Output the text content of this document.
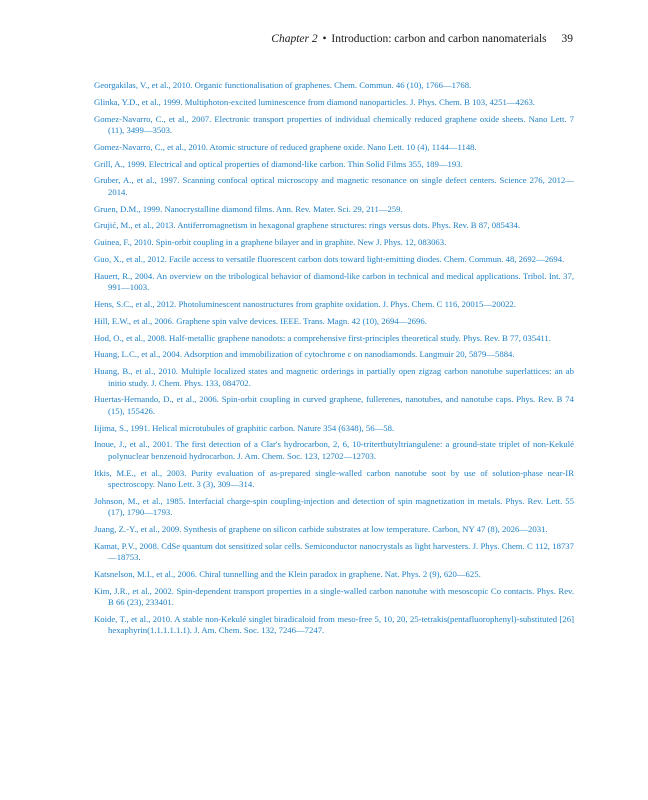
Chapter 2 • Introduction: carbon and carbon nanomaterials 39
Georgakilas, V., et al., 2010. Organic functionalisation of graphenes. Chem. Commun. 46 (10), 1766—1768.
Glinka, Y.D., et al., 1999. Multiphoton-excited luminescence from diamond nanoparticles. J. Phys. Chem. B 103, 4251—4263.
Gomez-Navarro, C., et al., 2007. Electronic transport properties of individual chemically reduced graphene oxide sheets. Nano Lett. 7 (11), 3499—3503.
Gomez-Navarro, C., et al., 2010. Atomic structure of reduced graphene oxide. Nano Lett. 10 (4), 1144—1148.
Grill, A., 1999. Electrical and optical properties of diamond-like carbon. Thin Solid Films 355, 189—193.
Gruber, A., et al., 1997. Scanning confocal optical microscopy and magnetic resonance on single defect centers. Science 276, 2012—2014.
Gruen, D.M., 1999. Nanocrystalline diamond films. Ann. Rev. Mater. Sci. 29, 211—259.
Grujić, M., et al., 2013. Antiferromagnetism in hexagonal graphene structures: rings versus dots. Phys. Rev. B 87, 085434.
Guinea, F., 2010. Spin-orbit coupling in a graphene bilayer and in graphite. New J. Phys. 12, 083063.
Guo, X., et al., 2012. Facile access to versatile fluorescent carbon dots toward light-emitting diodes. Chem. Commun. 48, 2692—2694.
Hauert, R., 2004. An overview on the tribological behavior of diamond-like carbon in technical and medical applications. Tribol. Int. 37, 991—1003.
Hens, S.C., et al., 2012. Photoluminescent nanostructures from graphite oxidation. J. Phys. Chem. C 116, 20015—20022.
Hill, E.W., et al., 2006. Graphene spin valve devices. IEEE. Trans. Magn. 42 (10), 2694—2696.
Hod, O., et al., 2008. Half-metallic graphene nanodots: a comprehensive first-principles theoretical study. Phys. Rev. B 77, 035411.
Huang, L.C., et al., 2004. Adsorption and immobilization of cytochrome c on nanodiamonds. Langmuir 20, 5879—5884.
Huang, B., et al., 2010. Multiple localized states and magnetic orderings in partially open zigzag carbon nanotube superlattices: an ab initio study. J. Chem. Phys. 133, 084702.
Huertas-Hernando, D., et al., 2006. Spin-orbit coupling in curved graphene, fullerenes, nanotubes, and nanotube caps. Phys. Rev. B 74 (15), 155426.
Iijima, S., 1991. Helical microtubules of graphitic carbon. Nature 354 (6348), 56—58.
Inoue, J., et al., 2001. The first detection of a Clar's hydrocarbon, 2, 6, 10-tritertbutyltriangulene: a ground-state triplet of non-Kekulé polynuclear benzenoid hydrocarbon. J. Am. Chem. Soc. 123, 12702—12703.
Itkis, M.E., et al., 2003. Purity evaluation of as-prepared single-walled carbon nanotube soot by use of solution-phase near-IR spectroscopy. Nano Lett. 3 (3), 309—314.
Johnson, M., et al., 1985. Interfacial charge-spin coupling-injection and detection of spin magnetization in metals. Phys. Rev. Lett. 55 (17), 1790—1793.
Juang, Z.-Y., et al., 2009. Synthesis of graphene on silicon carbide substrates at low temperature. Carbon, NY 47 (8), 2026—2031.
Kamat, P.V., 2008. CdSe quantum dot sensitized solar cells. Semiconductor nanocrystals as light harvesters. J. Phys. Chem. C 112, 18737—18753.
Katsnelson, M.I., et al., 2006. Chiral tunnelling and the Klein paradox in graphene. Nat. Phys. 2 (9), 620—625.
Kim, J.R., et al., 2002. Spin-dependent transport properties in a single-walled carbon nanotube with mesoscopic Co contacts. Phys. Rev. B 66 (23), 233401.
Koide, T., et al., 2010. A stable non-Kekulé singlet biradicaloid from meso-free 5, 10, 20, 25-tetrakis(pentafluorophenyl)-substituted [26] hexaphyrin(1.1.1.1.1.1). J. Am. Chem. Soc. 132, 7246—7247.
